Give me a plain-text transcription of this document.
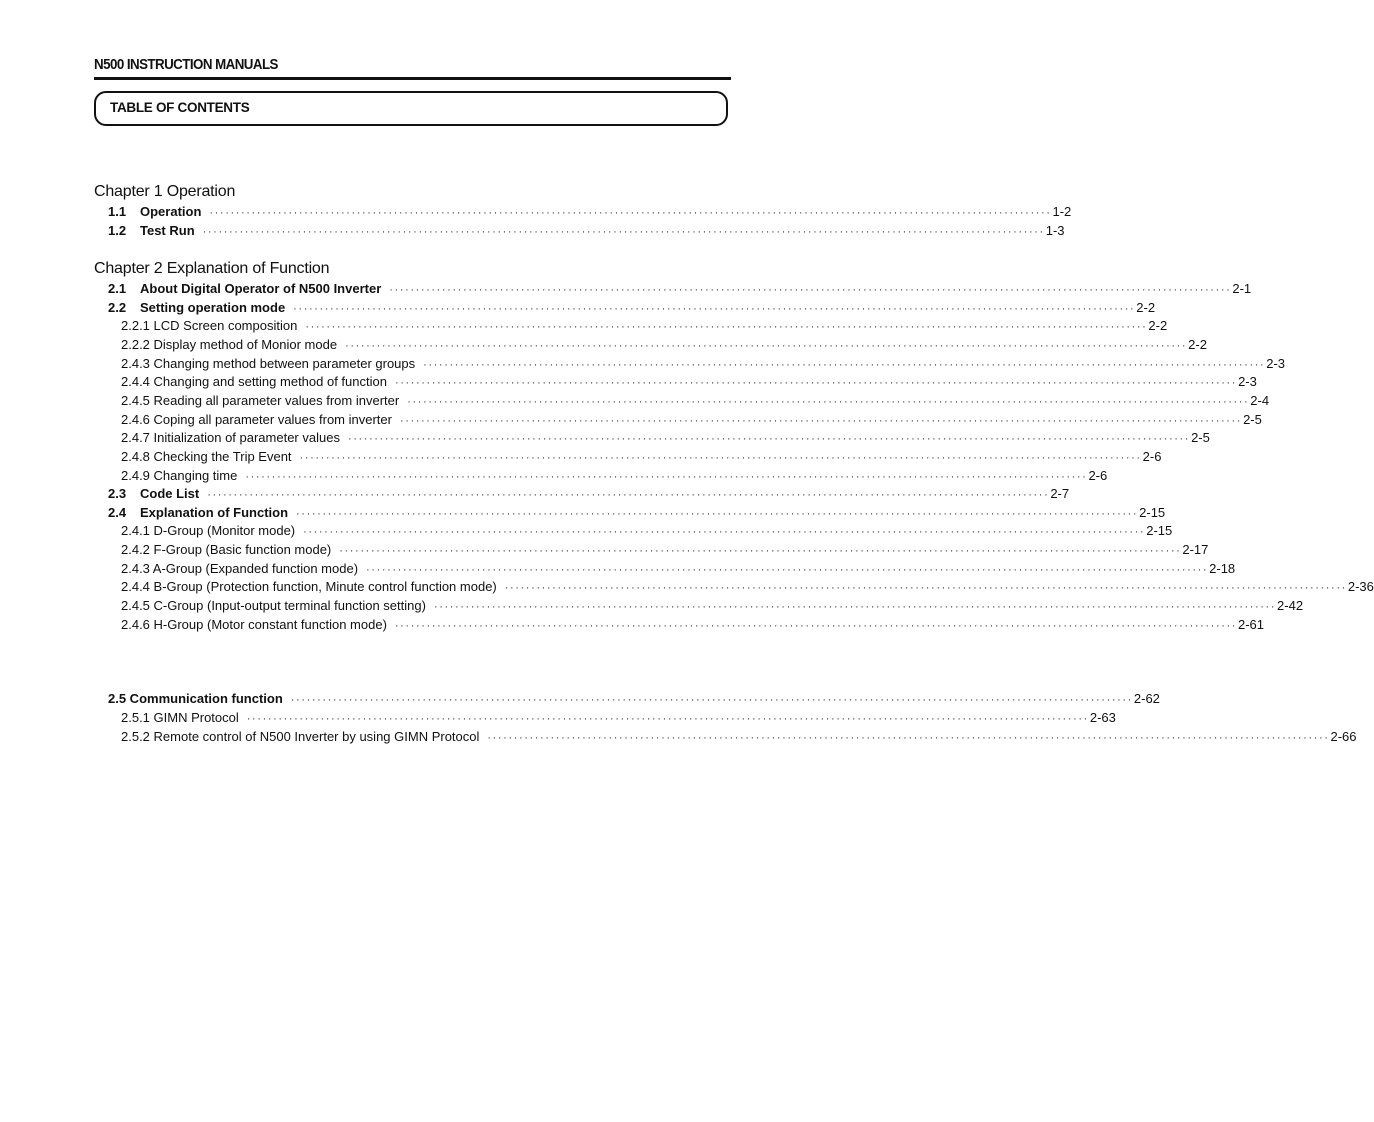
N500 INSTRUCTION MANUALS
TABLE OF CONTENTS
Chapter 1 Operation
Chapter 2 Explanation of Function
1.1 Operation ································································································································································ 1-2
1.2 Test Run ································································································································································ 1-3
2.1 About Digital Operator of N500 Inverter ································································································································································ 2-1
2.2 Setting operation mode ································································································································································ 2-2
2.2.1 LCD Screen composition ································································································································································ 2-2
2.2.2 Display method of Monior mode ································································································································································ 2-2
2.4.3 Changing method between parameter groups ································································································································································ 2-3
2.4.4 Changing and setting method of function ································································································································································ 2-3
2.4.5 Reading all parameter values from inverter ································································································································································ 2-4
2.4.6 Coping all parameter values from inverter ································································································································································ 2-5
2.4.7 Initialization of parameter values ································································································································································ 2-5
2.4.8 Checking the Trip Event ································································································································································ 2-6
2.4.9 Changing time ································································································································································ 2-6
2.3 Code List ································································································································································ 2-7
2.4 Explanation of Function ································································································································································ 2-15
2.4.1 D-Group (Monitor mode) ································································································································································ 2-15
2.4.2 F-Group (Basic function mode) ································································································································································ 2-17
2.4.3 A-Group (Expanded function mode) ································································································································································ 2-18
2.4.4 B-Group (Protection function, Minute control function mode) ································································································································································ 2-36
2.4.5 C-Group (Input-output terminal function setting) ································································································································································ 2-42
2.4.6 H-Group (Motor constant function mode) ································································································································································ 2-61
2.5 Communication function ································································································································································ 2-62
2.5.1 GIMN Protocol ································································································································································ 2-63
2.5.2 Remote control of N500 Inverter by using GIMN Protocol ································································································································································ 2-66
